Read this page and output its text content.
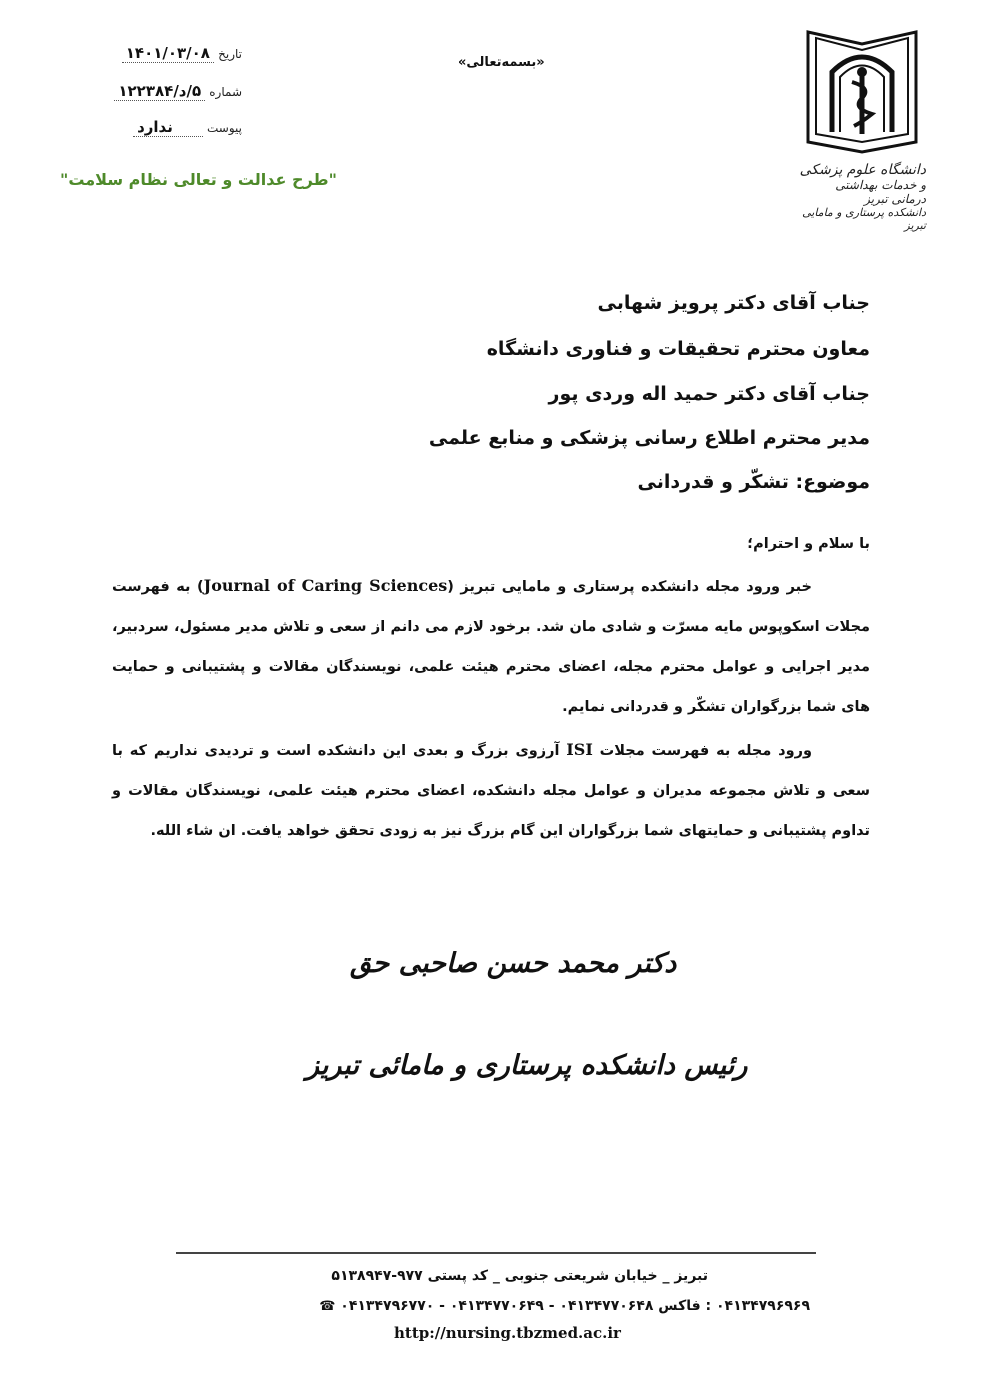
دانشگاه علوم پزشکی
و خدمات بهداشتی درمانی تبریز
دانشکده پرستاری و مامایی تبریز
تاریخ ۱۴۰۱/۰۳/۰۸
شماره ۵/د/۱۲۲۳۸۴
پیوست ندارد
«بسمه‌تعالی»
"طرح عدالت و تعالی نظام سلامت"
جناب آقای دکتر پرویز شهابی
معاون محترم تحقیقات و فناوری دانشگاه
جناب آقای دکتر حمید اله وردی پور
مدیر محترم اطلاع رسانی پزشکی و منابع علمی
موضوع: تشکّر و قدردانی
با سلام و احترام؛
خبر ورود مجله دانشکده پرستاری و مامایی تبریز (Journal of Caring Sciences) به فهرست مجلات اسکوپوس مایه مسرّت و شادی مان شد. برخود لازم می دانم از سعی و تلاش مدیر مسئول، سردبیر، مدیر اجرایی و عوامل محترم مجله، اعضای محترم هیئت علمی، نویسندگان مقالات و پشتیبانی و حمایت های شما بزرگواران تشکّر و قدردانی نمایم.
ورود مجله به فهرست مجلات ISI آرزوی بزرگ و بعدی این دانشکده است و تردیدی نداریم که با سعی و تلاش مجموعه مدیران و عوامل مجله دانشکده، اعضای محترم هیئت علمی، نویسندگان مقالات و تداوم پشتیبانی و حمایتهای شما بزرگواران این گام بزرگ نیز به زودی تحقق خواهد یافت. ان شاء الله.
دکتر محمد حسن صاحبی حق
رئیس دانشکده پرستاری و مامائی تبریز
تبریز _ خیابان شریعتی جنوبی _ کد پستی ۹۷۷-۵۱۳۸۹۴۷
۰۴۱۳۴۷۹۶۹۶۹ : فاکس ۰۴۱۳۴۷۷۰۶۴۸ - ۰۴۱۳۴۷۷۰۶۴۹ - ۰۴۱۳۴۷۹۶۷۷۰ ☎
http://nursing.tbzmed.ac.ir
